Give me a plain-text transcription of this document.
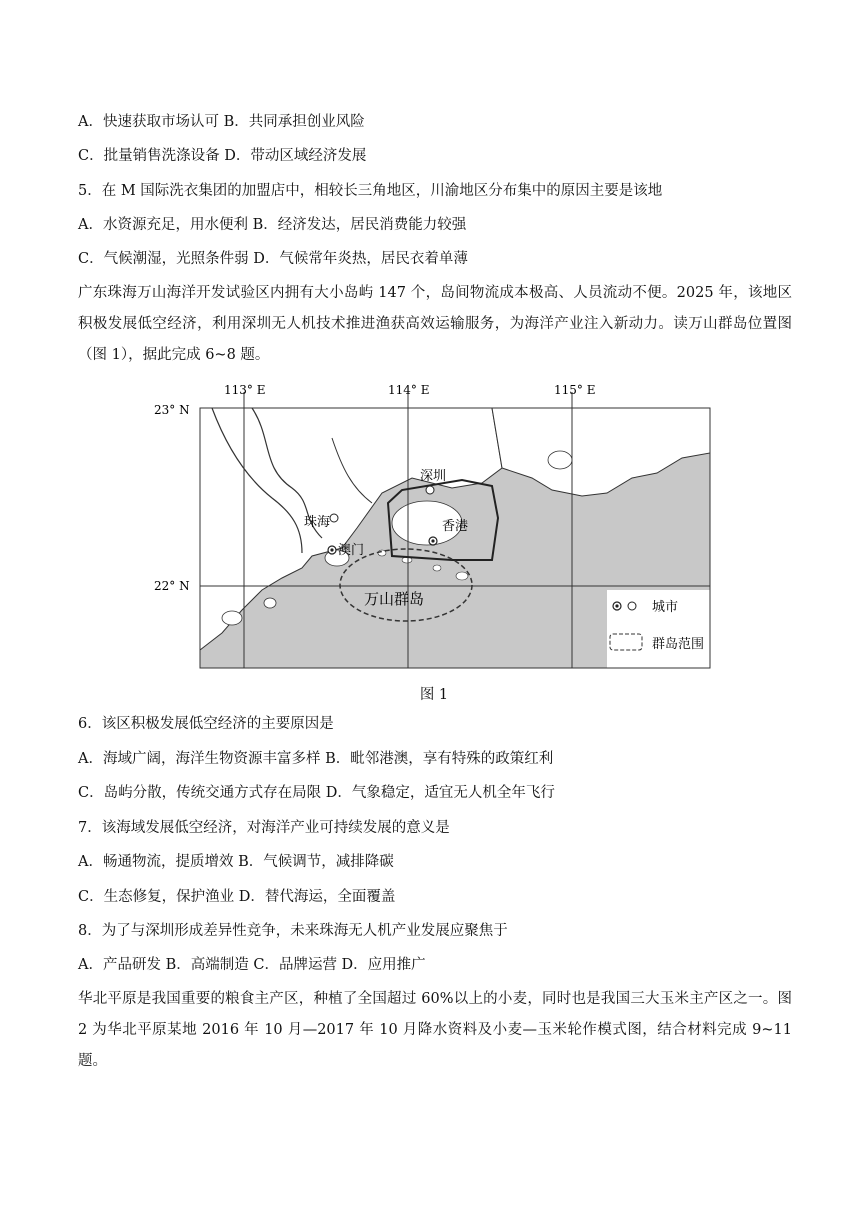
A．快速获取市场认可 B．共同承担创业风险
C．批量销售洗涤设备 D．带动区域经济发展
5．在 M 国际洗衣集团的加盟店中，相较长三角地区，川渝地区分布集中的原因主要是该地
A．水资源充足，用水便利 B．经济发达，居民消费能力较强
C．气候潮湿，光照条件弱 D．气候常年炎热，居民衣着单薄
广东珠海万山海洋开发试验区内拥有大小岛屿 147 个，岛间物流成本极高、人员流动不便。2025 年，该地区积极发展低空经济，利用深圳无人机技术推进渔获高效运输服务，为海洋产业注入新动力。读万山群岛位置图（图 1），据此完成 6~8 题。
深圳
珠海	香港
澳门
万山群岛
113° E	114° E	115° E
23° N
22° N
城市
群岛范围
图 1
6．该区积极发展低空经济的主要原因是
A．海域广阔，海洋生物资源丰富多样 B．毗邻港澳，享有特殊的政策红利
C．岛屿分散，传统交通方式存在局限 D．气象稳定，适宜无人机全年飞行
7．该海域发展低空经济，对海洋产业可持续发展的意义是
A．畅通物流，提质增效 B．气候调节，减排降碳
C．生态修复，保护渔业 D．替代海运，全面覆盖
8．为了与深圳形成差异性竞争，未来珠海无人机产业发展应聚焦于
A．产品研发 B．高端制造 C．品牌运营 D．应用推广
华北平原是我国重要的粮食主产区，种植了全国超过 60%以上的小麦，同时也是我国三大玉米主产区之一。图 2 为华北平原某地 2016 年 10 月—2017 年 10 月降水资料及小麦—玉米轮作模式图，结合材料完成 9~11 题。
